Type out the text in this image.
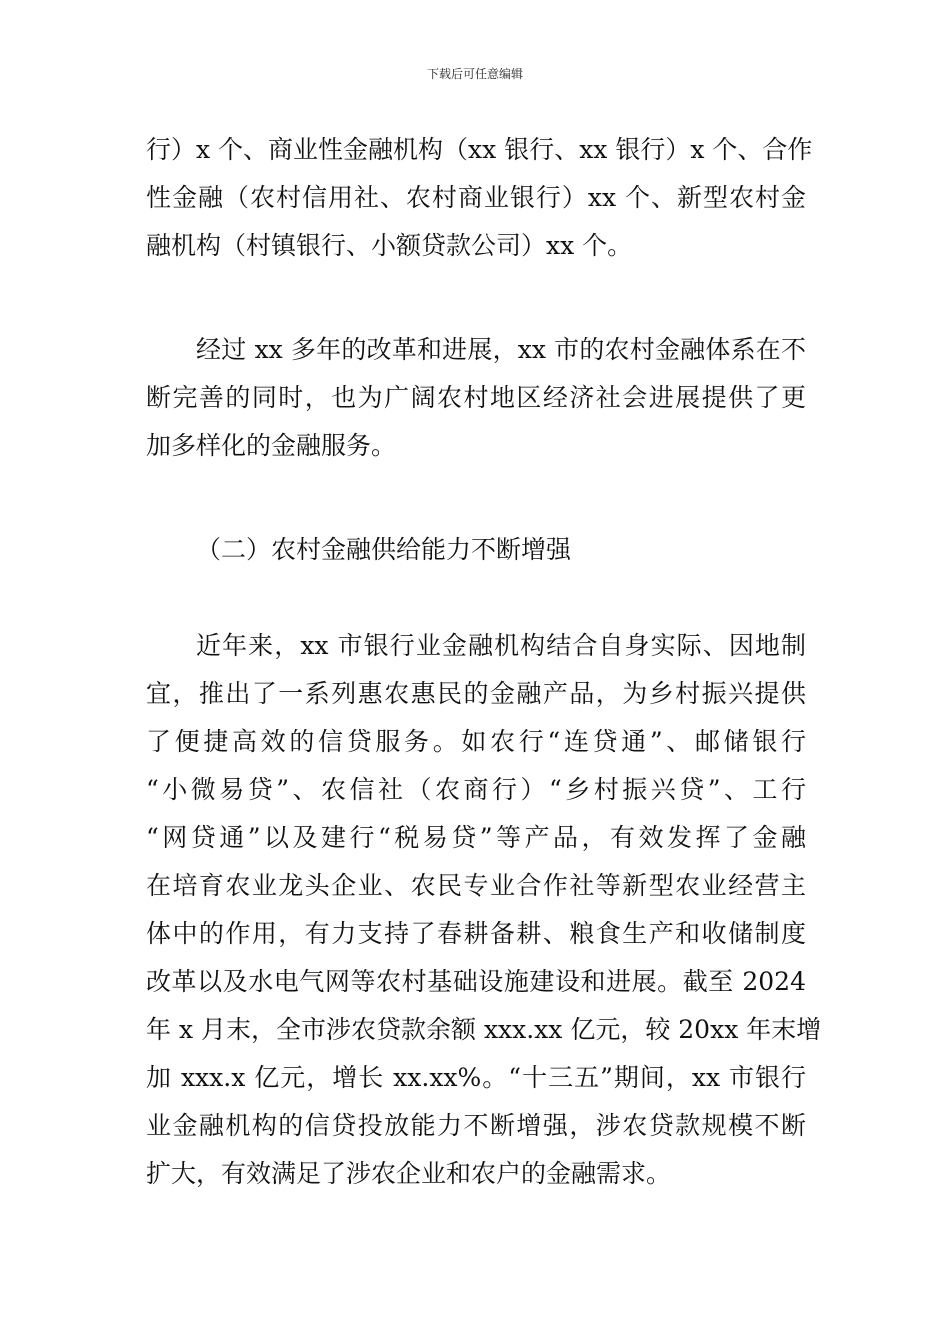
下载后可任意编辑
行）x 个、商业性金融机构（xx 银行、xx 银行）x 个、合作
性金融（农村信用社、农村商业银行）xx 个、新型农村金
融机构（村镇银行、小额贷款公司）xx 个。
经过 xx 多年的改革和进展，xx 市的农村金融体系在不
断完善的同时，也为广阔农村地区经济社会进展提供了更
加多样化的金融服务。
（二）农村金融供给能力不断增强
近年来，xx 市银行业金融机构结合自身实际、因地制
宜，推出了一系列惠农惠民的金融产品，为乡村振兴提供
了便捷高效的信贷服务。如农行“连贷通”、邮储银行
“小微易贷”、农信社（农商行）“乡村振兴贷”、工行
“网贷通”以及建行“税易贷”等产品，有效发挥了金融
在培育农业龙头企业、农民专业合作社等新型农业经营主
体中的作用，有力支持了春耕备耕、粮食生产和收储制度
改革以及水电气网等农村基础设施建设和进展。截至 2024
年 x 月末，全市涉农贷款余额 xxx.xx 亿元，较 20xx 年末增
加 xxx.x 亿元，增长 xx.xx%。“十三五”期间，xx 市银行
业金融机构的信贷投放能力不断增强，涉农贷款规模不断
扩大，有效满足了涉农企业和农户的金融需求。
